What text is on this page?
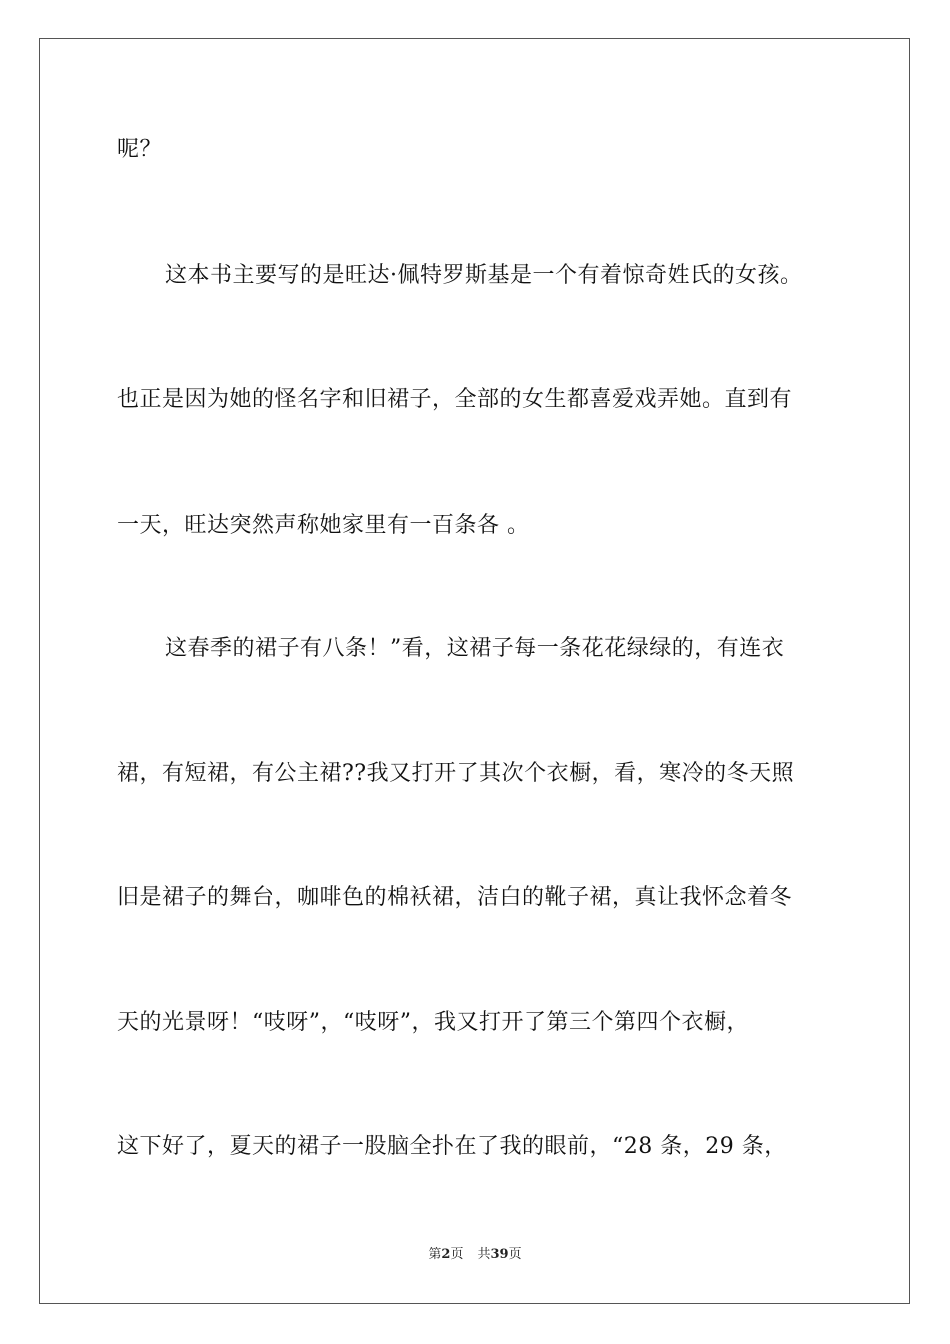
呢？
这本书主要写的是旺达·佩特罗斯基是一个有着惊奇姓氏的女孩。
也正是因为她的怪名字和旧裙子，全部的女生都喜爱戏弄她。直到有
一天，旺达突然声称她家里有一百条各 。
这春季的裙子有八条！”看，这裙子每一条花花绿绿的，有连衣
裙，有短裙，有公主裙??我又打开了其次个衣橱，看，寒冷的冬天照
旧是裙子的舞台，咖啡色的棉袄裙，洁白的靴子裙，真让我怀念着冬
天的光景呀！“吱呀”，“吱呀”，我又打开了第三个第四个衣橱，
这下好了，夏天的裙子一股脑全扑在了我的眼前，“28 条，29 条，
第2页 共39页
